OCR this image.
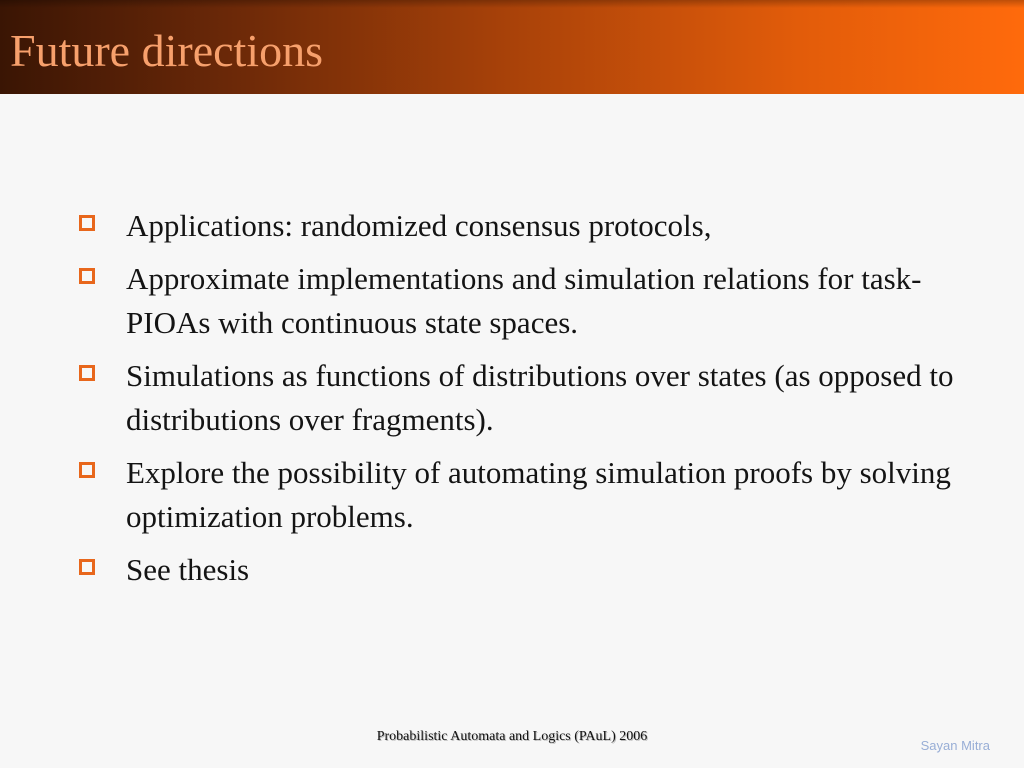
Future directions
Applications: randomized consensus protocols,
Approximate implementations and simulation relations for task-PIOAs with continuous state spaces.
Simulations as functions of distributions over states (as opposed to distributions over fragments).
Explore the possibility of automating simulation proofs by solving optimization problems.
See thesis
Probabilistic Automata and Logics (PAuL) 2006
Sayan Mitra
